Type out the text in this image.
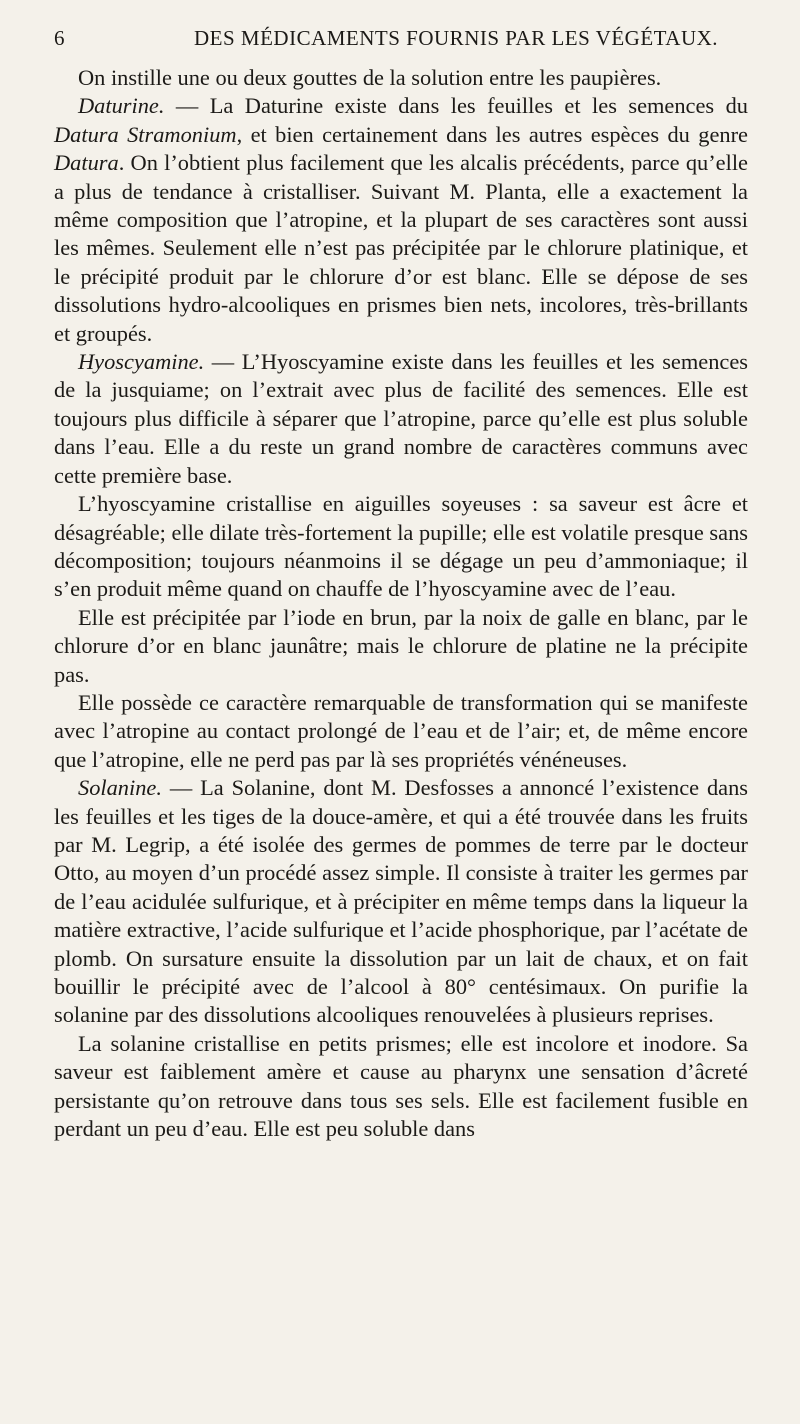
6	DES MÉDICAMENTS FOURNIS PAR LES VÉGÉTAUX.

On instille une ou deux gouttes de la solution entre les paupières.

Daturine. — La Daturine existe dans les feuilles et les semences du Datura Stramonium, et bien certainement dans les autres espèces du genre Datura. On l’obtient plus facilement que les alcalis précédents, parce qu’elle a plus de tendance à cristalliser. Suivant M. Planta, elle a exactement la même composition que l’atropine, et la plupart de ses caractères sont aussi les mêmes. Seulement elle n’est pas précipitée par le chlorure platinique, et le précipité produit par le chlorure d’or est blanc. Elle se dépose de ses dissolutions hydro-alcooliques en prismes bien nets, incolores, très-brillants et groupés.

Hyoscyamine. — L’Hyoscyamine existe dans les feuilles et les semences de la jusquiame; on l’extrait avec plus de facilité des semences. Elle est toujours plus difficile à séparer que l’atropine, parce qu’elle est plus soluble dans l’eau. Elle a du reste un grand nombre de caractères communs avec cette première base.

L’hyoscyamine cristallise en aiguilles soyeuses : sa saveur est âcre et désagréable; elle dilate très-fortement la pupille; elle est volatile presque sans décomposition; toujours néanmoins il se dégage un peu d’ammoniaque; il s’en produit même quand on chauffe de l’hyoscyamine avec de l’eau.

Elle est précipitée par l’iode en brun, par la noix de galle en blanc, par le chlorure d’or en blanc jaunâtre; mais le chlorure de platine ne la précipite pas.

Elle possède ce caractère remarquable de transformation qui se manifeste avec l’atropine au contact prolongé de l’eau et de l’air; et, de même encore que l’atropine, elle ne perd pas par là ses propriétés vénéneuses.

Solanine. — La Solanine, dont M. Desfosses a annoncé l’existence dans les feuilles et les tiges de la douce-amère, et qui a été trouvée dans les fruits par M. Legrip, a été isolée des germes de pommes de terre par le docteur Otto, au moyen d’un procédé assez simple. Il consiste à traiter les germes par de l’eau acidulée sulfurique, et à précipiter en même temps dans la liqueur la matière extractive, l’acide sulfurique et l’acide phosphorique, par l’acétate de plomb. On sursature ensuite la dissolution par un lait de chaux, et on fait bouillir le précipité avec de l’alcool à 80° centésimaux. On purifie la solanine par des dissolutions alcooliques renouvelées à plusieurs reprises.

La solanine cristallise en petits prismes; elle est incolore et inodore. Sa saveur est faiblement amère et cause au pharynx une sensation d’âcreté persistante qu’on retrouve dans tous ses sels. Elle est facilement fusible en perdant un peu d’eau. Elle est peu soluble dans
